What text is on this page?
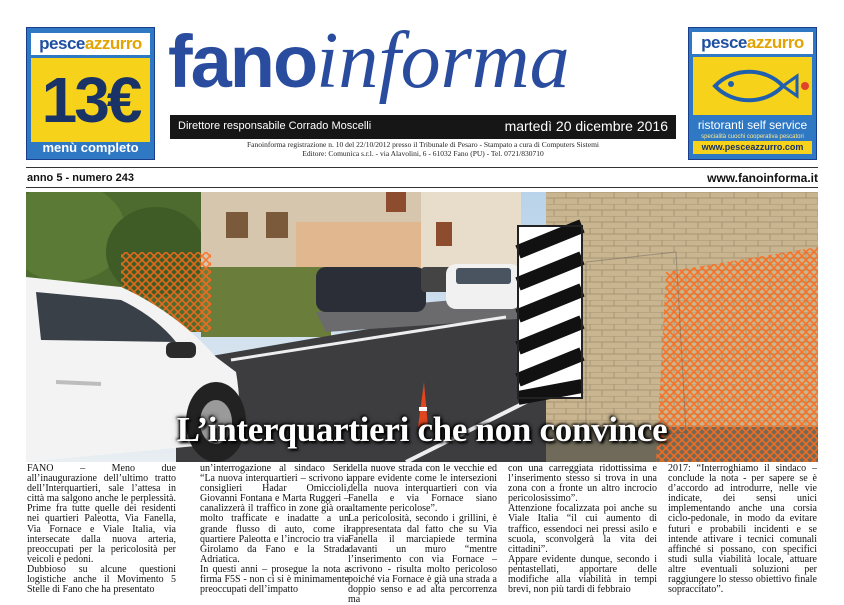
pesceazzurro
13€
menù completo
fanoinforma
Direttore responsabile Corrado Moscelli	martedì 20 dicembre 2016
Fanoinforma registrazione n. 10 del 22/10/2012 presso il Tribunale di Pesaro - Stampato a cura di Computers Sistemi
Editore: Comunica s.r.l. - via Alavolini, 6 - 61032 Fano (PU) - Tel. 0721/830710
pesceazzurro
ristoranti self service
specialità cuochi cooperativa pescatori
www.pesceazzurro.com
anno 5 - numero 243	www.fanoinforma.it
L’interquartieri che non convince

FANO – Meno due all’inaugurazione dell’ultimo tratto dell’Interquartieri, sale l’attesa in città ma salgono anche le perplessità. Prime fra tutte quelle dei residenti nei quartieri Paleotta, Via Fanella, Via Fornace e Viale Italia, via intersecate dalla nuova arteria, preoccupati per la pericolosità per veicoli e pedoni.

Dubbioso su alcune questioni logistiche anche il Movimento 5 Stelle di Fano che ha presentato

un’interrogazione al sindaco Seri “La nuova interquartieri – scrivono i consiglieri Hadar Omiccioli, Giovanni Fontana e Marta Ruggeri – canalizzerà il traffico in zone già ora molto trafficate e inadatte a un grande flusso di auto, come il quartiere Paleotta e l’incrocio tra via Girolamo da Fano e la Strada Adriatica.

In questi anni – prosegue la nota a firma F5S - non ci si è minimamente preoccupati dell’impatto

della nuove strada con le vecchie ed appare evidente come le intersezioni della nuova interquartieri con via Fanella e via Fornace siano altamente pericolose”.

La pericolosità, secondo i grillini, è rappresentata dal fatto che su Via Fanella il marciapiede termina davanti un muro “mentre l’inserimento con via Fornace – scrivono - risulta molto pericoloso poiché via Fornace è già una strada a doppio senso e ad alta percorrenza ma

con una carreggiata ridottissima e l’inserimento stesso si trova in una zona con a fronte un altro incrocio pericolosissimo”.

Attenzione focalizzata poi anche su Viale Italia “il cui aumento di traffico, essendoci nei pressi asilo e scuola, sconvolgerà la vita dei cittadini”.

Appare evidente dunque, secondo i pentastellati, apportare delle modifiche alla viabilità in tempi brevi, non più tardi di febbraio

2017: “Interroghiamo il sindaco – conclude la nota - per sapere se è d’accordo ad introdurre, nelle vie indicate, dei sensi unici implementando anche una corsia ciclo-pedonale, in modo da evitare futuri e probabili incidenti e se intende attivare i tecnici comunali affinché si possano, con specifici studi sulla viabilità locale, attuare altre eventuali soluzioni per raggiungere lo stesso obiettivo finale sopraccitato”.
